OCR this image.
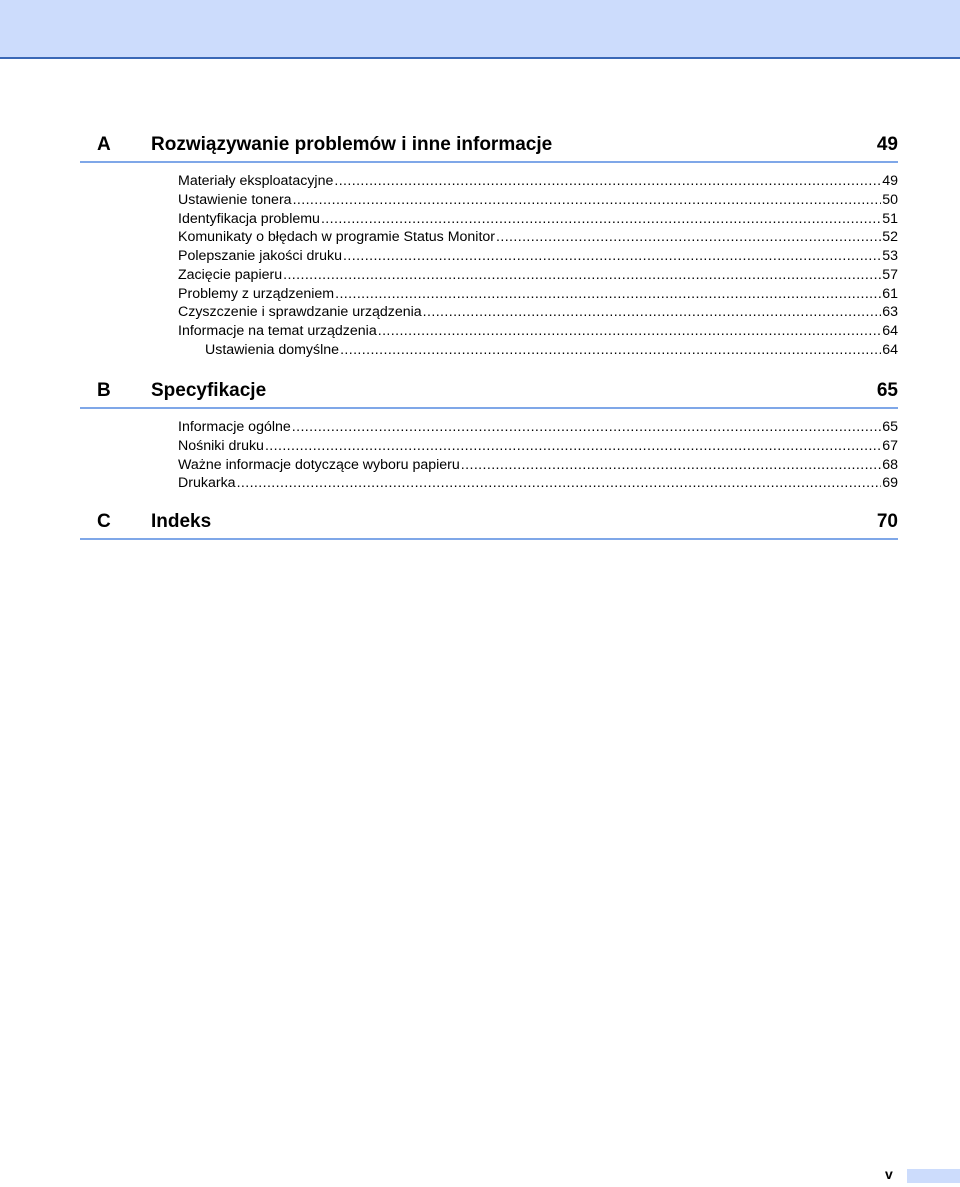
A Rozwiązywanie problemów i inne informacje	49
Materiały eksploatacyjne .....	49
Ustawienie tonera .....	50
Identyfikacja problemu .....	51
Komunikaty o błędach w programie Status Monitor .....	52
Polepszanie jakości druku .....	53
Zacięcie papieru .....	57
Problemy z urządzeniem .....	61
Czyszczenie i sprawdzanie urządzenia .....	63
Informacje na temat urządzenia .....	64
Ustawienia domyślne .....	64
B Specyfikacje	65
Informacje ogólne .....	65
Nośniki druku .....	67
Ważne informacje dotyczące wyboru papieru .....	68
Drukarka .....	69
C Indeks	70
v
